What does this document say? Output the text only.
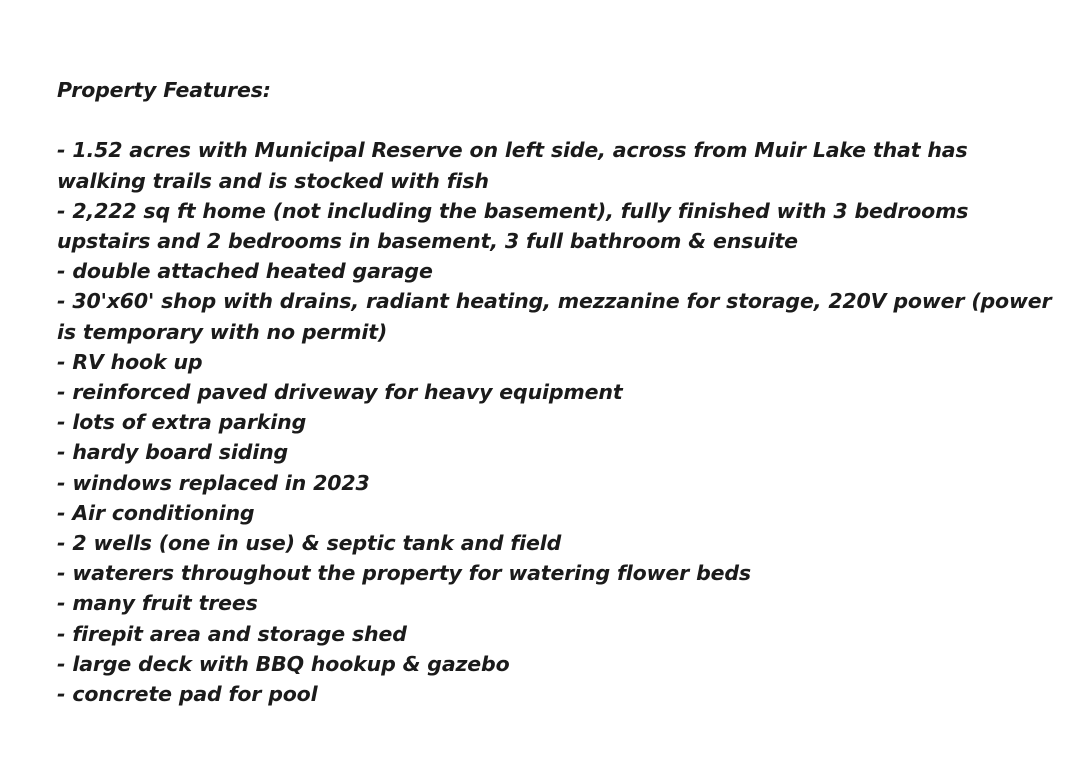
Property Features:

- 1.52 acres with Municipal Reserve on left side, across from Muir Lake that has walking trails and is stocked with fish
- 2,222 sq ft home (not including the basement), fully finished with 3 bedrooms upstairs and 2 bedrooms in basement, 3 full bathroom & ensuite
- double attached heated garage
- 30'x60' shop with drains, radiant heating, mezzanine for storage, 220V power (power is temporary with no permit)
- RV hook up
- reinforced paved driveway for heavy equipment
- lots of extra parking
- hardy board siding
- windows replaced in 2023
- Air conditioning
- 2 wells (one in use) & septic tank and field
- waterers throughout the property for watering flower beds
- many fruit trees
- firepit area and storage shed
- large deck with BBQ hookup & gazebo
- concrete pad for pool
